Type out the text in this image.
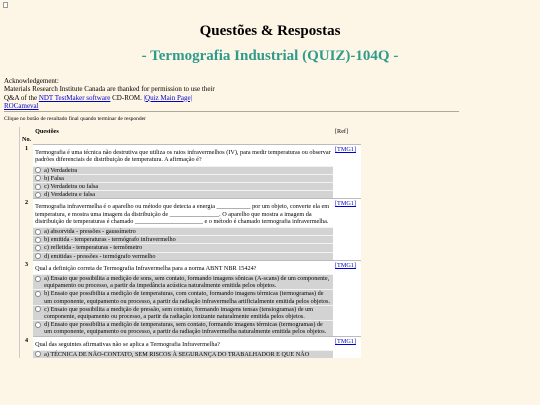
Questões & Respostas
- Termografia Industrial (QUIZ)-104Q -
Acknowledgement:
Materials Research Institute Canada are thanked for permission to use their
Q&A of the NDT TestMaker software CD-ROM. |Quiz Main Page|
ROCameval
Clique no botão de resultado final quando terminar de responder
No.	Questões	[Ref]
1	Termografia é uma técnica não destrutiva que utiliza os raios infravermelhos (IV), para medir temperaturas ou observar padrões diferenciais de distribuição de temperatura. A afirmação é?	[TMG1]

	a) Verdadeira	

	b) Falsa	

	c) Verdadeira ou falsa	

	d) Verdadeira e falsa	

2	Termografia infravermelha é o aparelho ou método que detecta a energia ___________ por um objeto, converte ela em temperatura, e mostra uma imagem da distribuição de ________________. O aparelho que mostra a imagem da distribuição de temperaturas é chamado ______________________ e o método é chamado termografia infravermelha.	[TMG1]

	a) absorvida - pressões - gaussímetro	

	b) emitida - temperaturas - termógrafo infravermelho	

	c) refletida - temperaturas - termômetro	

	d) emitidas - pressões - termógrafo vermelho	

3	Qual a definição correta de Termografia Infravermelha para a norma ABNT NBR 15424?	[TMG1]

	a) Ensaio que possibilita a medição de sons, sem contato, formando imagens sônicas (A-scans) de um componente, equipamento ou processo, a partir da impedância acústica naturalmente emitida pelos objetos.	

	b) Ensaio que possibilita a medição de temperaturas, com contato, formando imagens térmicas (termogramas) de um componente, equipamento ou processo, a partir da radiação infravermelha artificialmente emitida pelos objetos.	

	c) Ensaio que possibilita a medição de pressão, sem contato, formando imagens tensas (tensiogramas) de um componente, equipamento ou processo, a partir da radiação ionizante naturalmente emitida pelos objetos.	

	d) Ensaio que possibilita a medição de temperaturas, sem contato, formando imagens térmicas (termogramas) de um componente, equipamento ou processo, a partir da radiação infravermelha naturalmente emitida pelos objetos.	

4	Qual das seguintes afirmativas não se aplica a Termografia Infravermelha?	[TMG1]

	a) TÉCNICA DE NÃO-CONTATO, SEM RISCOS À SEGURANÇA DO TRABALHADOR E QUE NÃO	
